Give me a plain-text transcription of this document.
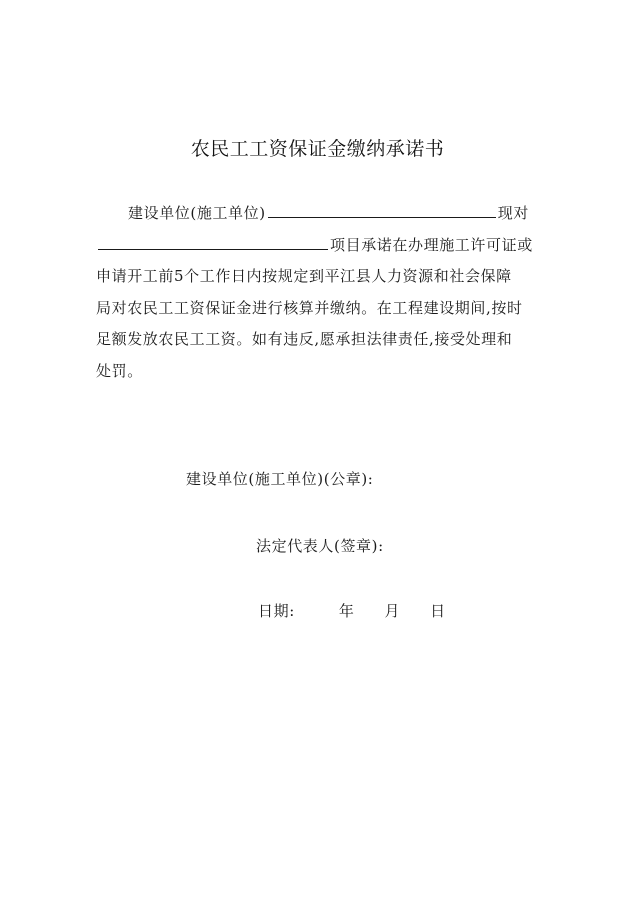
农民工工资保证金缴纳承诺书
建设单位(施工单位)	现对
项目承诺在办理施工许可证或
申请开工前5个工作日内按规定到平江县人力资源和社会保障
局对农民工工资保证金进行核算并缴纳。在工程建设期间,按时
足额发放农民工工资。如有违反,愿承担法律责任,接受处理和
处罚。
建设单位(施工单位)(公章):
法定代表人(签章):
日期:	年 月 日
